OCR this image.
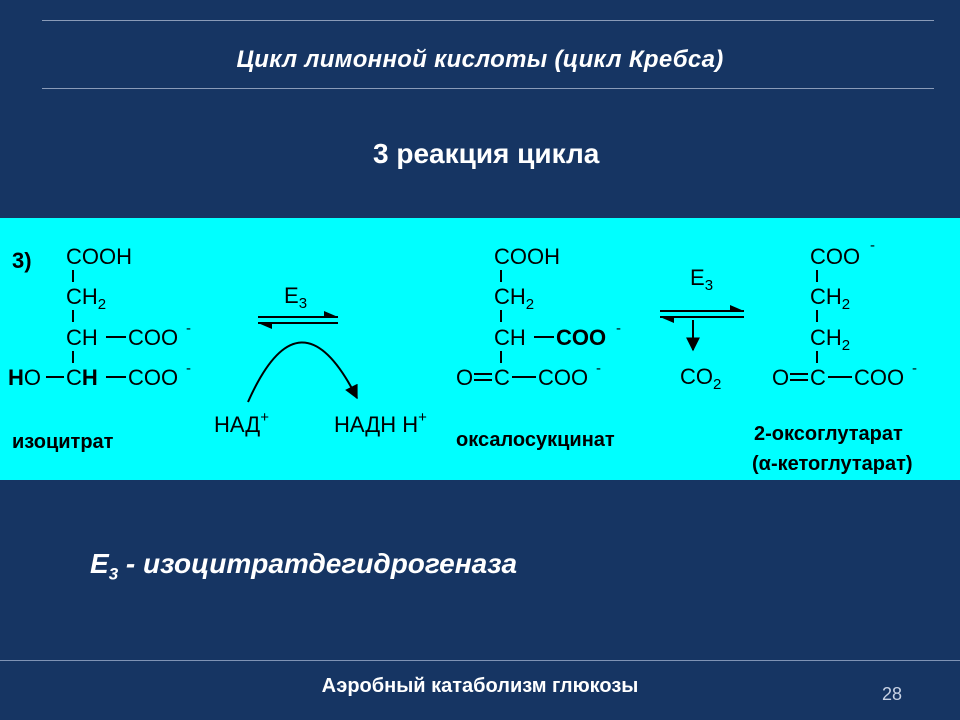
Цикл лимонной кислоты (цикл Кребса)
3 реакция цикла
3) COOH
$CH_2$
CH COO -
HO CH COO -
изоцитрат
$E_3$
НАД+	НАДН Н+
COOH
$CH_2$
CH COO -
O C COO -
оксалосукцинат
$E_3$
$CO_2$
COO -
$CH_2$
$CH_2$
O C COO -
2-оксоглутарат
(α-кетоглутарат)
$Е_3$ - изоцитратдегидрогеназа
Аэробный катаболизм глюкозы	28
